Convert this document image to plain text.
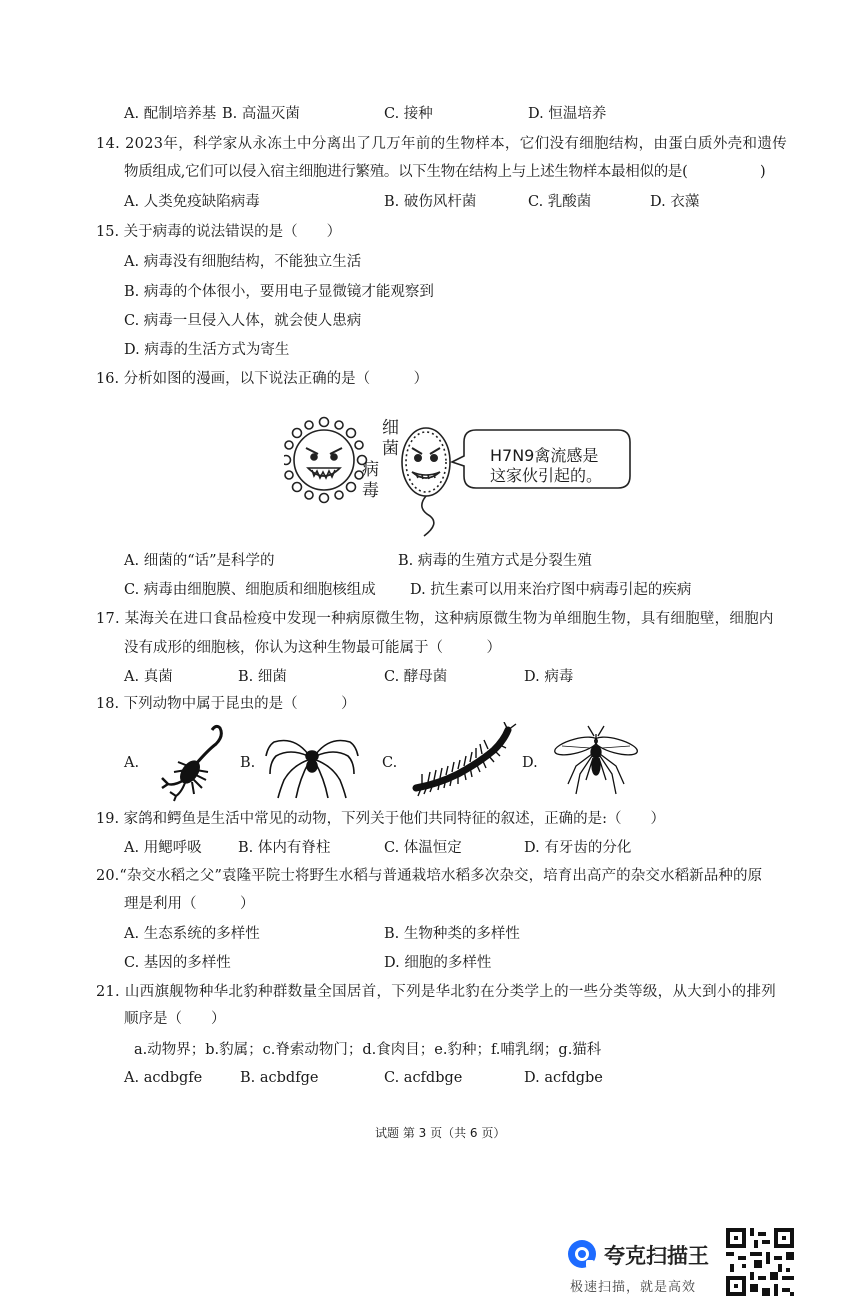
A. 配制培养基 B. 高温灭菌	C. 接种	D. 恒温培养
14. 2023年，科学家从永冻土中分离出了几万年前的生物样本，它们没有细胞结构，由蛋白质外壳和遗传
物质组成,它们可以侵入宿主细胞进行繁殖。以下生物在结构上与上述生物样本最相似的是(	)
A. 人类免疫缺陷病毒	B. 破伤风杆菌	C. 乳酸菌	D. 衣藻
15. 关于病毒的说法错误的是（　　）
A. 病毒没有细胞结构，不能独立生活
B. 病毒的个体很小，要用电子显微镜才能观察到
C. 病毒一旦侵入人体，就会使人患病
D. 病毒的生活方式为寄生
16. 分析如图的漫画，以下说法正确的是（　　　）
病毒
细菌	H7N9禽流感是
这家伙引起的。
A. 细菌的“话”是科学的	B. 病毒的生殖方式是分裂生殖
C. 病毒由细胞膜、细胞质和细胞核组成 D. 抗生素可以用来治疗图中病毒引起的疾病
17. 某海关在进口食品检疫中发现一种病原微生物，这种病原微生物为单细胞生物，具有细胞壁，细胞内
没有成形的细胞核，你认为这种生物最可能属于（　　　）
A. 真菌	B. 细菌	C. 酵母菌	D. 病毒
18. 下列动物中属于昆虫的是（　　　）
A.	B.	C.	D.
19. 家鸽和鳄鱼是生活中常见的动物，下列关于他们共同特征的叙述，正确的是:（　　）
A. 用鳃呼吸	B. 体内有脊柱	C. 体温恒定	D. 有牙齿的分化
20.“杂交水稻之父”袁隆平院士将野生水稻与普通栽培水稻多次杂交，培育出高产的杂交水稻新品种的原
理是利用（　　　）
A. 生态系统的多样性	B. 生物种类的多样性
C. 基因的多样性	D. 细胞的多样性
21. 山西旗舰物种华北豹种群数量全国居首，下列是华北豹在分类学上的一些分类等级，从大到小的排列
顺序是（　　）
a.动物界；b.豹属；c.脊索动物门；d.食肉目；e.豹种；f.哺乳纲；g.猫科
A. acdbgfe	B. acbdfge	C. acfdbge	D. acfdgbe
试题 第 3 页（共 6 页）
夸克扫描王
极速扫描，就是高效
